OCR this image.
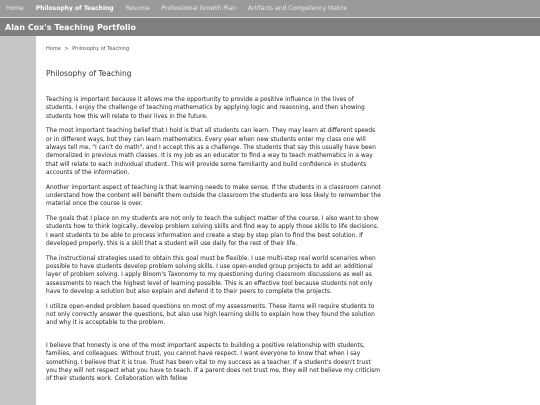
Home Philosophy of Teaching Resume Professional Growth Plan Artifacts and Competency Matrix
Alan Cox's Teaching Portfolio
Home > Philosophy of Teaching
Philosophy of Teaching

Teaching is important because it allows me the opportunity to provide a positive influence in the lives of students. I enjoy the challenge of teaching mathematics by applying logic and reasoning, and then showing students how this will relate to their lives in the future.

The most important teaching belief that I hold is that all students can learn. They may learn at different speeds or in different ways, but they can learn mathematics. Every year when new students enter my class one will always tell me, "I can't do math", and I accept this as a challenge. The students that say this usually have been demoralized in previous math classes. It is my job as an educator to find a way to teach mathematics in a way that will relate to each individual student. This will provide some familiarity and build confidence in students accounts of the information.

Another important aspect of teaching is that learning needs to make sense. If the students in a classroom cannot understand how the content will benefit them outside the classroom the students are less likely to remember the material once the course is over.

The goals that I place on my students are not only to teach the subject matter of the course. I also want to show students how to think logically, develop problem solving skills and find way to apply those skills to life decisions. I want students to be able to process information and create a step by step plan to find the best solution. If developed properly, this is a skill that a student will use daily for the rest of their life.

The instructional strategies used to obtain this goal must be flexible. I use multi-step real world scenarios when possible to have students develop problem solving skills. I use open-ended group projects to add an additional layer of problem solving. I apply Bloom's Taxonomy to my questioning during classroom discussions as well as assessments to reach the highest level of learning possible. This is an effective tool because students not only have to develop a solution but also explain and defend it to their peers to complete the projects.

I utilize open-ended problem based questions on most of my assessments. These items will require students to not only correctly answer the questions, but also use high learning skills to explain how they found the solution and why it is acceptable to the problem.

I believe that honesty is one of the most important aspects to building a positive relationship with students, families, and colleagues. Without trust, you cannot have respect. I want everyone to know that when I say something, I believe that it is true. Trust has been vital to my success as a teacher. If a student's doesn't trust you they will not respect what you have to teach. If a parent does not trust me, they will not believe my criticism of their students work. Collaboration with fellow
